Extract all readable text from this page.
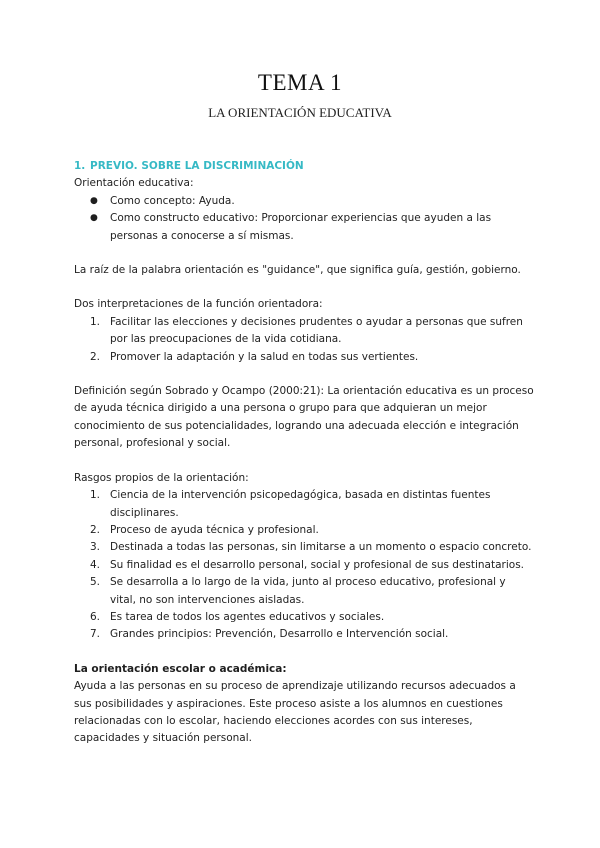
TEMA 1
LA ORIENTACIÓN EDUCATIVA

1. PREVIO. SOBRE LA DISCRIMINACIÓN

Orientación educativa:

● Como concepto: Ayuda.
● Como constructo educativo: Proporcionar experiencias que ayuden a las personas a conocerse a sí mismas.

La raíz de la palabra orientación es "guidance", que significa guía, gestión, gobierno.

Dos interpretaciones de la función orientadora:

1. Facilitar las elecciones y decisiones prudentes o ayudar a personas que sufren por las preocupaciones de la vida cotidiana.
2. Promover la adaptación y la salud en todas sus vertientes.

Definición según Sobrado y Ocampo (2000:21): La orientación educativa es un proceso de ayuda técnica dirigido a una persona o grupo para que adquieran un mejor conocimiento de sus potencialidades, logrando una adecuada elección e integración personal, profesional y social.

Rasgos propios de la orientación:

1. Ciencia de la intervención psicopedagógica, basada en distintas fuentes disciplinares.
2. Proceso de ayuda técnica y profesional.
3. Destinada a todas las personas, sin limitarse a un momento o espacio concreto.
4. Su finalidad es el desarrollo personal, social y profesional de sus destinatarios.
5. Se desarrolla a lo largo de la vida, junto al proceso educativo, profesional y vital, no son intervenciones aisladas.
6. Es tarea de todos los agentes educativos y sociales.
7. Grandes principios: Prevención, Desarrollo e Intervención social.

La orientación escolar o académica:

Ayuda a las personas en su proceso de aprendizaje utilizando recursos adecuados a sus posibilidades y aspiraciones. Este proceso asiste a los alumnos en cuestiones relacionadas con lo escolar, haciendo elecciones acordes con sus intereses, capacidades y situación personal.
